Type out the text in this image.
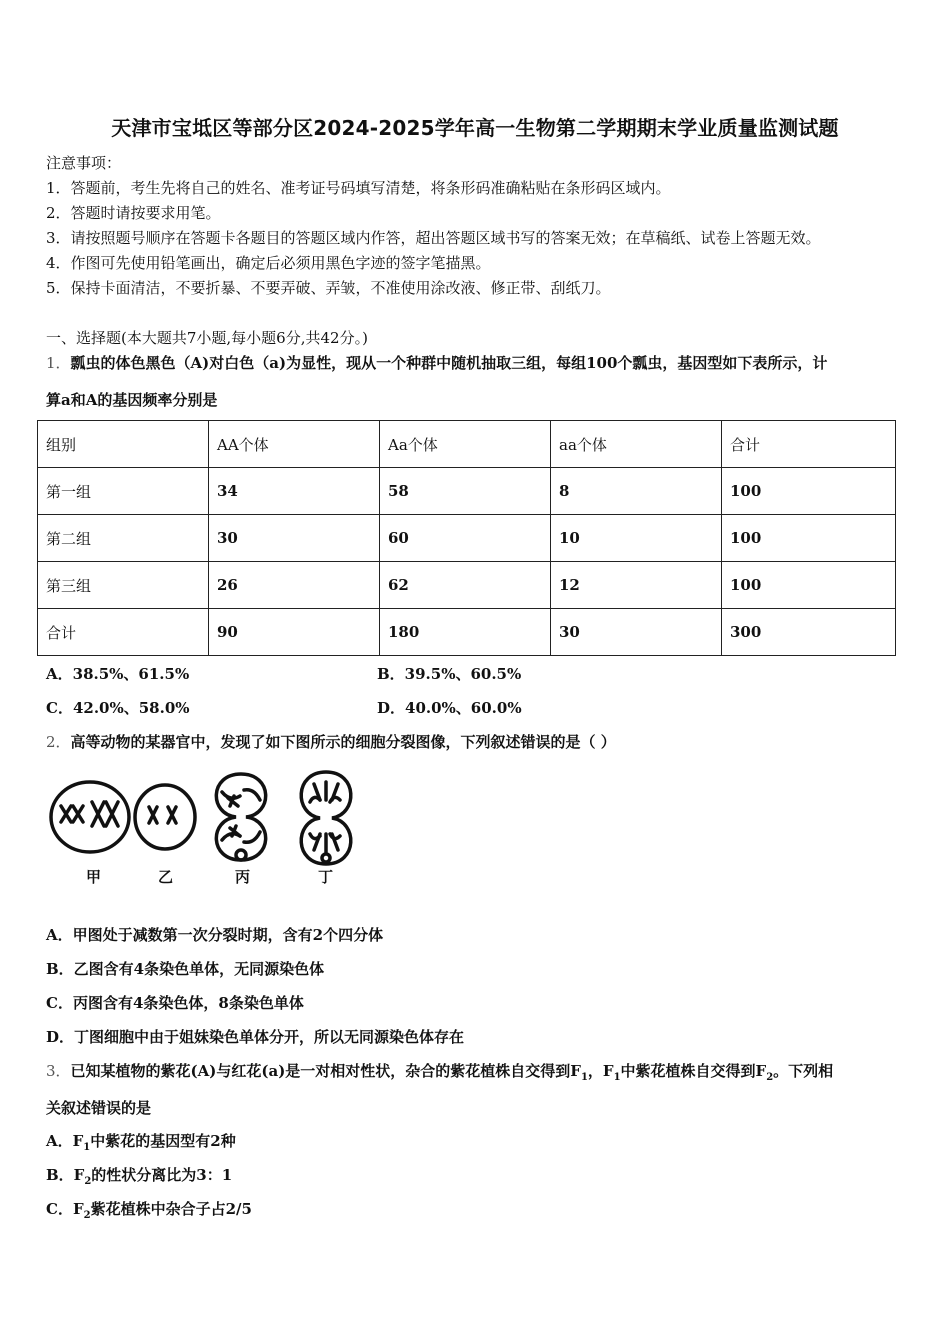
天津市宝坻区等部分区2024-2025学年高一生物第二学期期末学业质量监测试题
注意事项：
1．答题前，考生先将自己的姓名、准考证号码填写清楚，将条形码准确粘贴在条形码区域内。
2．答题时请按要求用笔。
3．请按照题号顺序在答题卡各题目的答题区域内作答，超出答题区域书写的答案无效；在草稿纸、试卷上答题无效。
4．作图可先使用铅笔画出，确定后必须用黑色字迹的签字笔描黑。
5．保持卡面清洁，不要折暴、不要弄破、弄皱，不准使用涂改液、修正带、刮纸刀。
一、选择题(本大题共7小题,每小题6分,共42分。)
1．瓢虫的体色黑色（A)对白色（a)为显性，现从一个种群中随机抽取三组，每组100个瓢虫，基因型如下表所示，计
算a和A的基因频率分别是
组别	AA个体	Aa个体	aa个体	合计
第一组	34	58	8	100
第二组	30	60	10	100
第三组	26	62	12	100
合计	90	180	30	300
A．38.5%、61.5%	B．39.5%、60.5%
C．42.0%、58.0%	D．40.0%、60.0%
2．高等动物的某器官中，发现了如下图所示的细胞分裂图像，下列叙述错误的是（ ）
甲	乙	丙	丁
A．甲图处于减数第一次分裂时期，含有2个四分体
B．乙图含有4条染色单体，无同源染色体
C．丙图含有4条染色体，8条染色单体
D．丁图细胞中由于姐妹染色单体分开，所以无同源染色体存在
3．已知某植物的紫花(A)与红花(a)是一对相对性状，杂合的紫花植株自交得到$F_1$，$F_1$中紫花植株自交得到$F_2$。下列相
关叙述错误的是
A．$F_1$中紫花的基因型有2种
B．$F_2$的性状分离比为3：1
C．$F_2$紫花植株中杂合子占2/5
